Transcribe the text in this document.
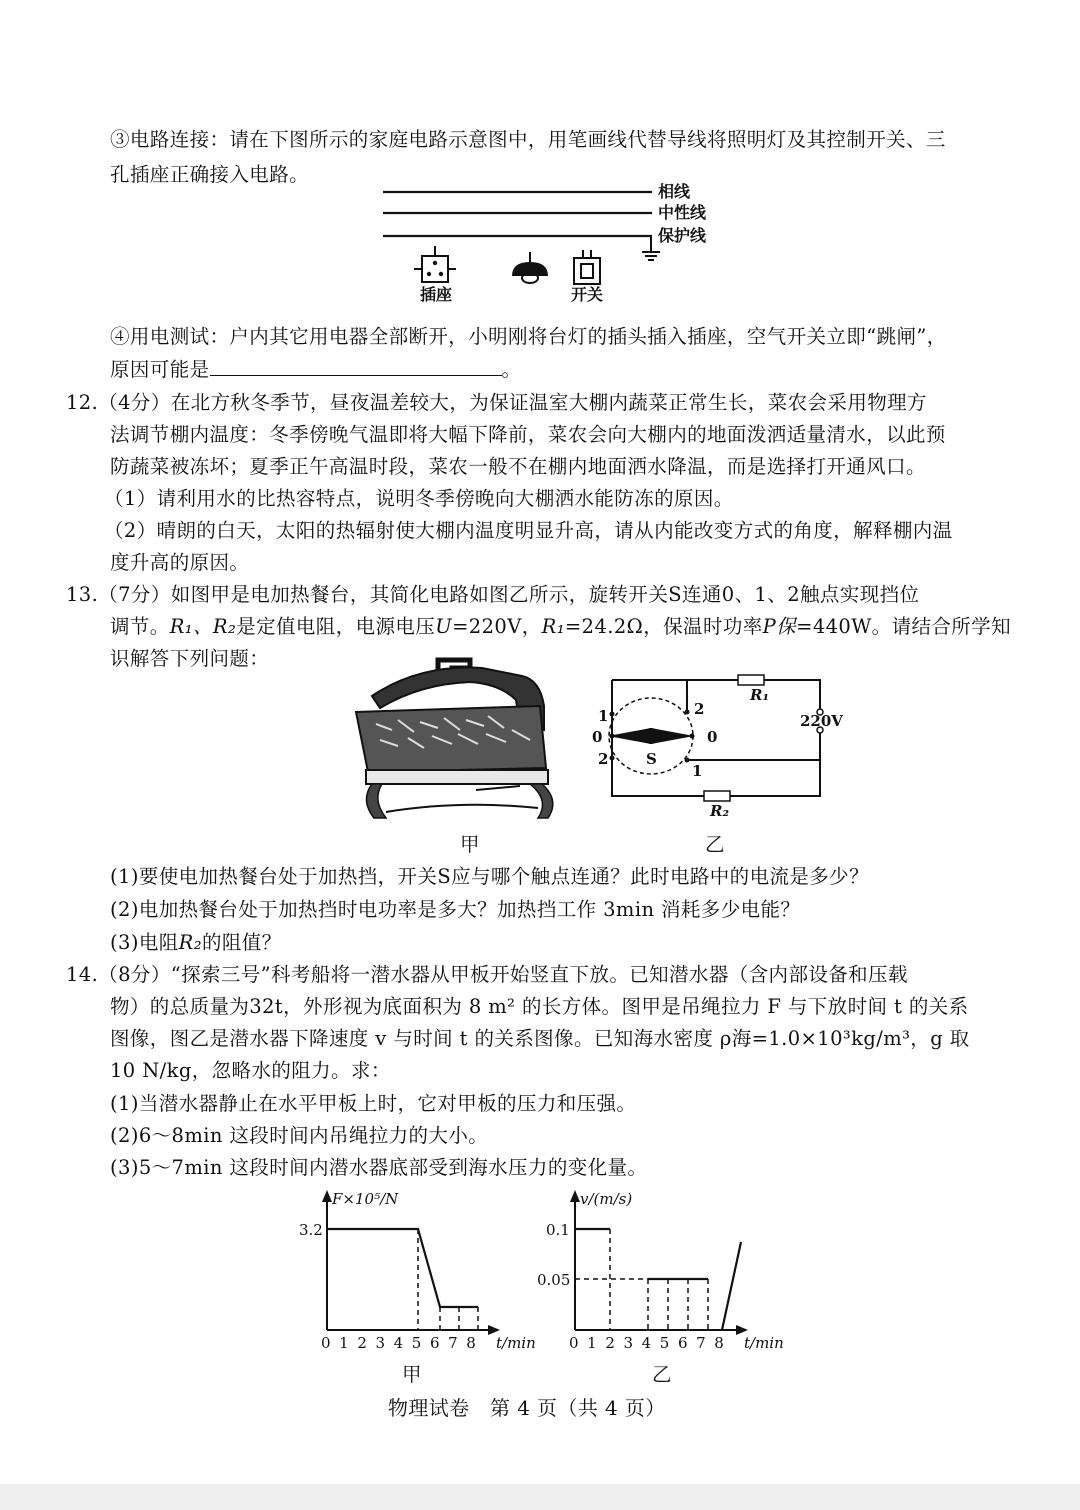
③电路连接：请在下图所示的家庭电路示意图中，用笔画线代替导线将照明灯及其控制开关、三
孔插座正确接入电路。
相线
中性线
保护线
插座	开关
④用电测试：户内其它用电器全部断开，小明刚将台灯的插头插入插座，空气开关立即“跳闸”，
原因可能是	。
12.（4分）在北方秋冬季节，昼夜温差较大，为保证温室大棚内蔬菜正常生长，菜农会采用物理方
法调节棚内温度：冬季傍晚气温即将大幅下降前，菜农会向大棚内的地面泼洒适量清水，以此预
防蔬菜被冻坏；夏季正午高温时段，菜农一般不在棚内地面洒水降温，而是选择打开通风口。
（1）请利用水的比热容特点，说明冬季傍晚向大棚洒水能防冻的原因。
（2）晴朗的白天，太阳的热辐射使大棚内温度明显升高，请从内能改变方式的角度，解释棚内温
度升高的原因。
13.（7分）如图甲是电加热餐台，其简化电路如图乙所示，旋转开关S连通0、1、2触点实现挡位
调节。R₁、R₂是定值电阻，电源电压U=220V，R₁=24.2Ω，保温时功率P保=440W。请结合所学知
识解答下列问题：
R₁
R₂
220V
S
1
0
2
2
0
1
甲	乙
(1)要使电加热餐台处于加热挡，开关S应与哪个触点连通？此时电路中的电流是多少？
(2)电加热餐台处于加热挡时电功率是多大？加热挡工作 3min 消耗多少电能？
(3)电阻R₂的阻值？
14.（8分）“探索三号”科考船将一潜水器从甲板开始竖直下放。已知潜水器（含内部设备和压载
物）的总质量为32t，外形视为底面积为 8 m² 的长方体。图甲是吊绳拉力 F 与下放时间 t 的关系
图像，图乙是潜水器下降速度 v 与时间 t 的关系图像。已知海水密度 ρ海=1.0×10³kg/m³，g 取
10 N/kg，忽略水的阻力。求：
(1)当潜水器静止在水平甲板上时，它对甲板的压力和压强。
(2)6～8min 这段时间内吊绳拉力的大小。
(3)5～7min 这段时间内潜水器底部受到海水压力的变化量。
F×10⁵/N
3.2
012345678 t/min
甲
v/(m/s)
0.1
0.05
012345678 t/min
乙
物理试卷　第 4 页（共 4 页）
